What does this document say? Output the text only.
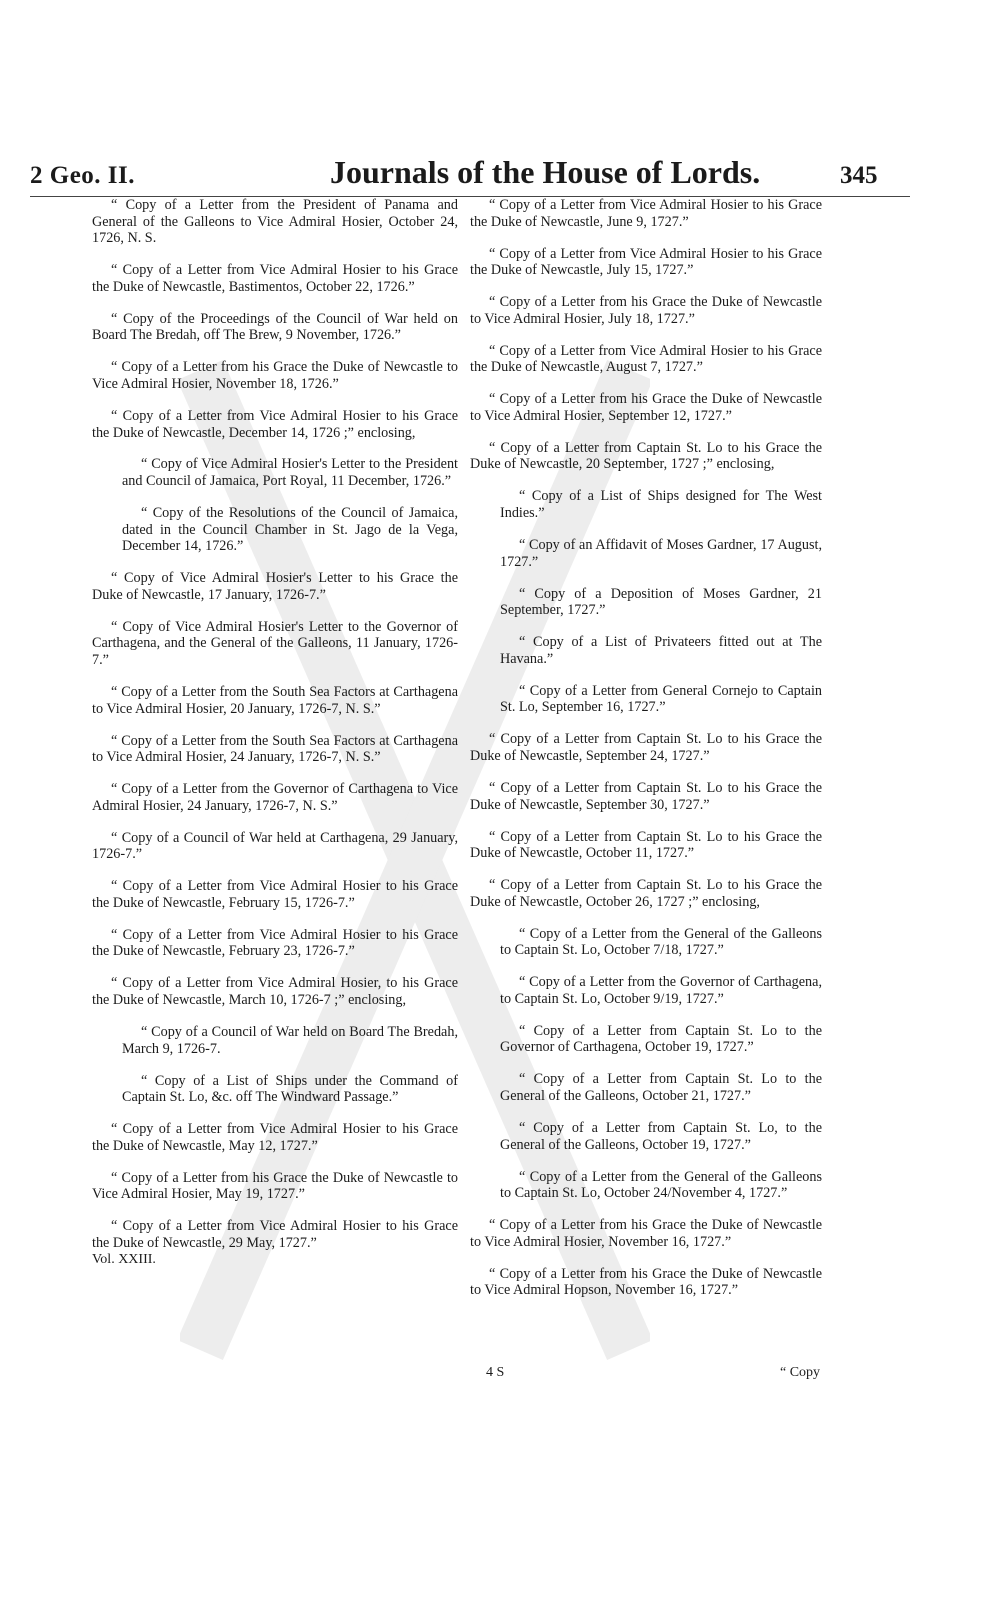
2 Geo. II.	Journals of the House of Lords.	345

“ Copy of a Letter from the President of Panama and General of the Galleons to Vice Admiral Hosier, October 24, 1726, N. S.

“ Copy of a Letter from Vice Admiral Hosier to his Grace the Duke of Newcastle, Bastimentos, October 22, 1726.”

“ Copy of the Proceedings of the Council of War held on Board The Bredah, off The Brew, 9 November, 1726.”

“ Copy of a Letter from his Grace the Duke of Newcastle to Vice Admiral Hosier, November 18, 1726.”

“ Copy of a Letter from Vice Admiral Hosier to his Grace the Duke of Newcastle, December 14, 1726 ;” enclosing,

“ Copy of Vice Admiral Hosier's Letter to the President and Council of Jamaica, Port Royal, 11 December, 1726.”

“ Copy of the Resolutions of the Council of Jamaica, dated in the Council Chamber in St. Jago de la Vega, December 14, 1726.”

“ Copy of Vice Admiral Hosier's Letter to his Grace the Duke of Newcastle, 17 January, 1726-7.”

“ Copy of Vice Admiral Hosier's Letter to the Governor of Carthagena, and the General of the Galleons, 11 January, 1726-7.”

“ Copy of a Letter from the South Sea Factors at Carthagena to Vice Admiral Hosier, 20 January, 1726-7, N. S.”

“ Copy of a Letter from the South Sea Factors at Carthagena to Vice Admiral Hosier, 24 January, 1726-7, N. S.”

“ Copy of a Letter from the Governor of Carthagena to Vice Admiral Hosier, 24 January, 1726-7, N. S.”

“ Copy of a Council of War held at Carthagena, 29 January, 1726-7.”

“ Copy of a Letter from Vice Admiral Hosier to his Grace the Duke of Newcastle, February 15, 1726-7.”

“ Copy of a Letter from Vice Admiral Hosier to his Grace the Duke of Newcastle, February 23, 1726-7.”

“ Copy of a Letter from Vice Admiral Hosier, to his Grace the Duke of Newcastle, March 10, 1726-7 ;” enclosing,

“ Copy of a Council of War held on Board The Bredah, March 9, 1726-7.

“ Copy of a List of Ships under the Command of Captain St. Lo, &c. off The Windward Passage.”

“ Copy of a Letter from Vice Admiral Hosier to his Grace the Duke of Newcastle, May 12, 1727.”

“ Copy of a Letter from his Grace the Duke of Newcastle to Vice Admiral Hosier, May 19, 1727.”

“ Copy of a Letter from Vice Admiral Hosier to his Grace the Duke of Newcastle, 29 May, 1727.”

Vol. XXIII.

“ Copy of a Letter from Vice Admiral Hosier to his Grace the Duke of Newcastle, June 9, 1727.”

“ Copy of a Letter from Vice Admiral Hosier to his Grace the Duke of Newcastle, July 15, 1727.”

“ Copy of a Letter from his Grace the Duke of Newcastle to Vice Admiral Hosier, July 18, 1727.”

“ Copy of a Letter from Vice Admiral Hosier to his Grace the Duke of Newcastle, August 7, 1727.”

“ Copy of a Letter from his Grace the Duke of Newcastle to Vice Admiral Hosier, September 12, 1727.”

“ Copy of a Letter from Captain St. Lo to his Grace the Duke of Newcastle, 20 September, 1727 ;” enclosing,

“ Copy of a List of Ships designed for The West Indies.”

“ Copy of an Affidavit of Moses Gardner, 17 August, 1727.”

“ Copy of a Deposition of Moses Gardner, 21 September, 1727.”

“ Copy of a List of Privateers fitted out at The Havana.”

“ Copy of a Letter from General Cornejo to Captain St. Lo, September 16, 1727.”

“ Copy of a Letter from Captain St. Lo to his Grace the Duke of Newcastle, September 24, 1727.”

“ Copy of a Letter from Captain St. Lo to his Grace the Duke of Newcastle, September 30, 1727.”

“ Copy of a Letter from Captain St. Lo to his Grace the Duke of Newcastle, October 11, 1727.”

“ Copy of a Letter from Captain St. Lo to his Grace the Duke of Newcastle, October 26, 1727 ;” enclosing,

“ Copy of a Letter from the General of the Galleons to Captain St. Lo, October 7/18, 1727.”

“ Copy of a Letter from the Governor of Carthagena, to Captain St. Lo, October 9/19, 1727.”

“ Copy of a Letter from Captain St. Lo to the Governor of Carthagena, October 19, 1727.”

“ Copy of a Letter from Captain St. Lo to the General of the Galleons, October 21, 1727.”

“ Copy of a Letter from Captain St. Lo, to the General of the Galleons, October 19, 1727.”

“ Copy of a Letter from the General of the Galleons to Captain St. Lo, October 24/November 4, 1727.”

“ Copy of a Letter from his Grace the Duke of Newcastle to Vice Admiral Hosier, November 16, 1727.”

“ Copy of a Letter from his Grace the Duke of Newcastle to Vice Admiral Hopson, November 16, 1727.”

4 S	“ Copy
